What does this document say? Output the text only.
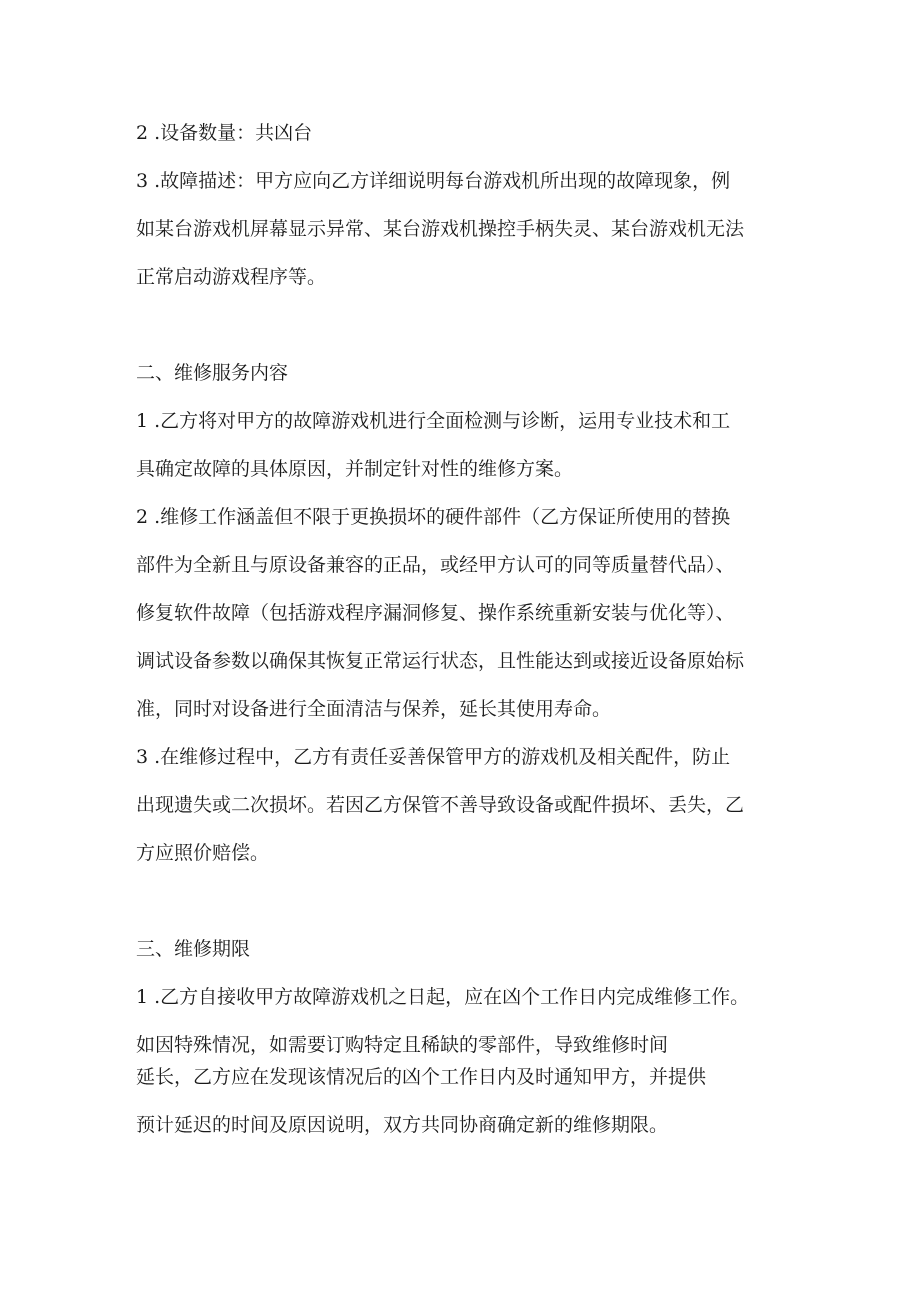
2 .设备数量：共凶台
3 .故障描述：甲方应向乙方详细说明每台游戏机所出现的故障现象，例
如某台游戏机屏幕显示异常、某台游戏机操控手柄失灵、某台游戏机无法
正常启动游戏程序等。
二、维修服务内容
1 .乙方将对甲方的故障游戏机进行全面检测与诊断，运用专业技术和工
具确定故障的具体原因，并制定针对性的维修方案。
2 .维修工作涵盖但不限于更换损坏的硬件部件（乙方保证所使用的替换
部件为全新且与原设备兼容的正品，或经甲方认可的同等质量替代品）、
修复软件故障（包括游戏程序漏洞修复、操作系统重新安装与优化等）、
调试设备参数以确保其恢复正常运行状态，且性能达到或接近设备原始标
准，同时对设备进行全面清洁与保养，延长其使用寿命。
3 .在维修过程中，乙方有责任妥善保管甲方的游戏机及相关配件，防止
出现遗失或二次损坏。若因乙方保管不善导致设备或配件损坏、丢失，乙
方应照价赔偿。
三、维修期限
1 .乙方自接收甲方故障游戏机之日起，应在凶个工作日内完成维修工作。
如因特殊情况，如需要订购特定且稀缺的零部件，导致维修时间
延长，乙方应在发现该情况后的凶个工作日内及时通知甲方，并提供
预计延迟的时间及原因说明，双方共同协商确定新的维修期限。
